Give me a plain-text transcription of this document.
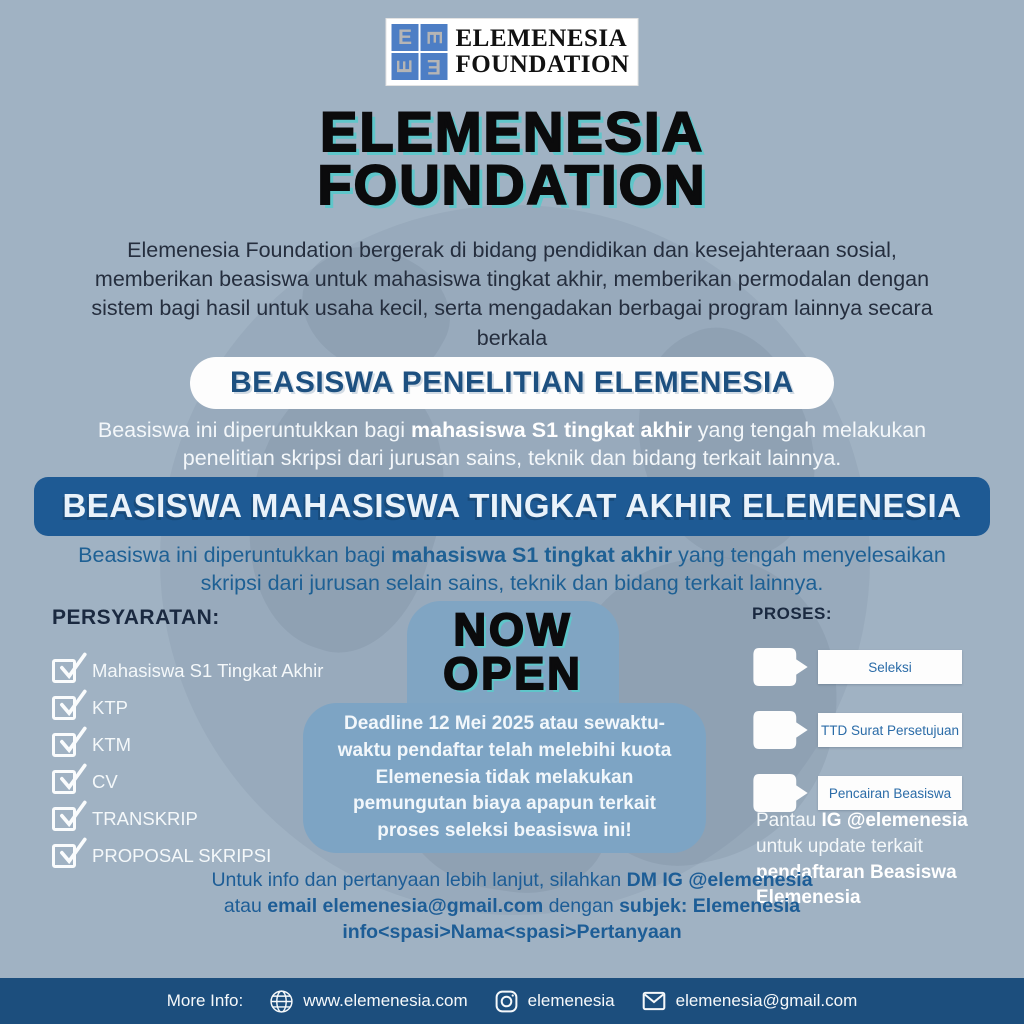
E E
E E
ELEMENESIA
FOUNDATION
ELEMENESIA
FOUNDATION

Elemenesia Foundation bergerak di bidang pendidikan dan kesejahteraan sosial, memberikan beasiswa untuk mahasiswa tingkat akhir, memberikan permodalan dengan sistem bagi hasil untuk usaha kecil, serta mengadakan berbagai program lainnya secara berkala

BEASISWA PENELITIAN ELEMENESIA

Beasiswa ini diperuntukkan bagi mahasiswa S1 tingkat akhir yang tengah melakukan penelitian skripsi dari jurusan sains, teknik dan bidang terkait lainnya.

BEASISWA MAHASISWA TINGKAT AKHIR ELEMENESIA

Beasiswa ini diperuntukkan bagi mahasiswa S1 tingkat akhir yang tengah menyelesaikan skripsi dari jurusan selain sains, teknik dan bidang terkait lainnya.

PERSYARATAN:
Mahasiswa S1 Tingkat Akhir
KTP
KTM
CV
TRANSKRIP
PROPOSAL SKRIPSI
NOW
OPEN

Deadline 12 Mei 2025 atau sewaktu-waktu pendaftar telah melebihi kuota

Elemenesia tidak melakukan pemungutan biaya apapun terkait proses seleksi beasiswa ini!

PROSES:
Seleksi
TTD Surat Persetujuan
Pencairan Beasiswa

Pantau IG @elemenesia untuk update terkait pendaftaran Beasiswa Elemenesia

Untuk info dan pertanyaan lebih lanjut, silahkan DM IG @elemenesia atau email elemenesia@gmail.com dengan subjek: Elemenesia info<spasi>Nama<spasi>Pertanyaan

More Info:	www.elemenesia.com	elemenesia	elemenesia@gmail.com
